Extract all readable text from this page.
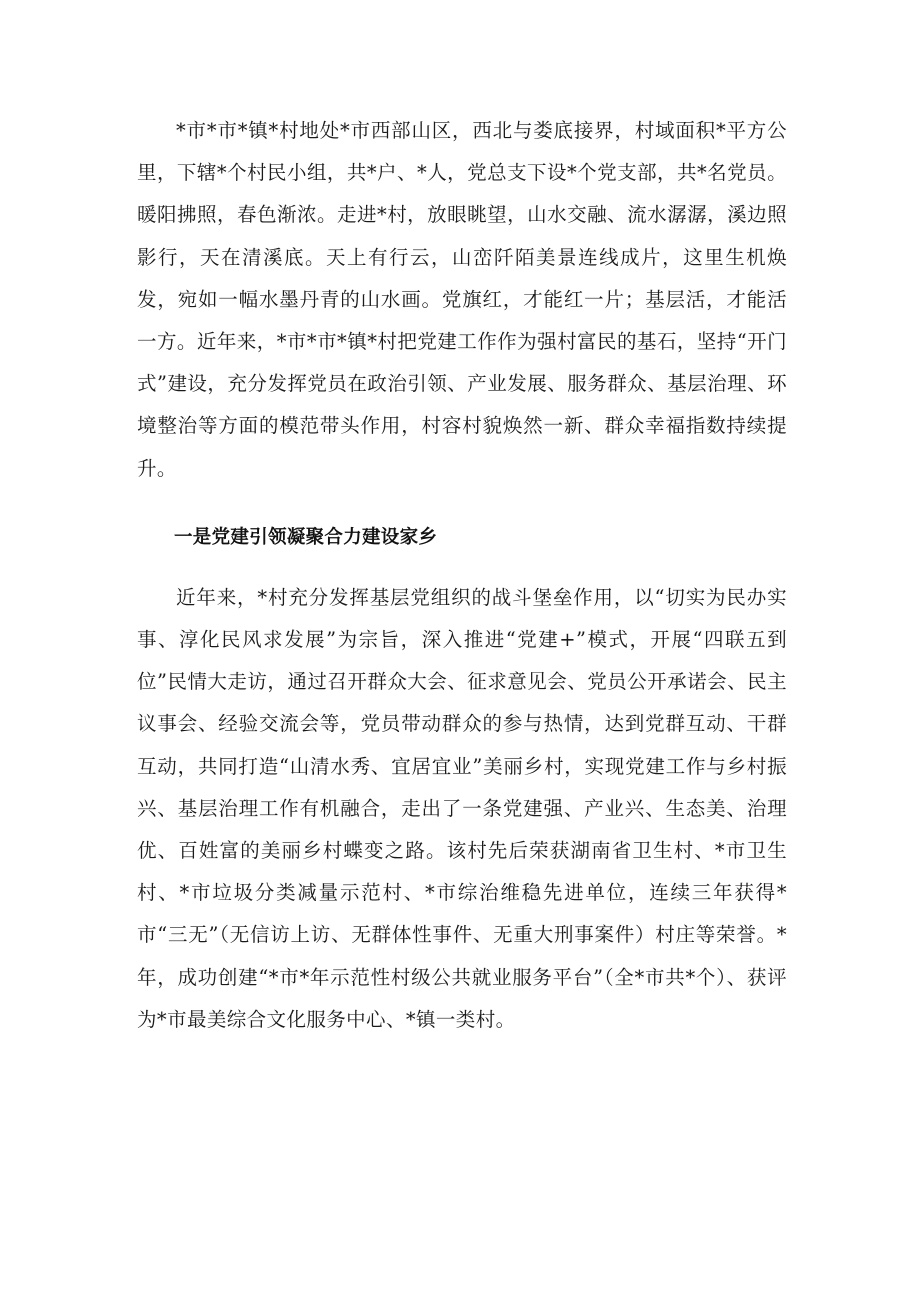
*市*市*镇*村地处*市西部山区，西北与娄底接界，村域面积*平方公里，下辖*个村民小组，共*户、*人，党总支下设*个党支部，共*名党员。暖阳拂照，春色渐浓。走进*村，放眼眺望，山水交融、流水潺潺，溪边照影行，天在清溪底。天上有行云，山峦阡陌美景连线成片，这里生机焕发，宛如一幅水墨丹青的山水画。党旗红，才能红一片；基层活，才能活一方。近年来，*市*市*镇*村把党建工作作为强村富民的基石，坚持“开门式”建设，充分发挥党员在政治引领、产业发展、服务群众、基层治理、环境整治等方面的模范带头作用，村容村貌焕然一新、群众幸福指数持续提升。

一是党建引领凝聚合力建设家乡

近年来，*村充分发挥基层党组织的战斗堡垒作用，以“切实为民办实事、淳化民风求发展”为宗旨，深入推进“党建+”模式，开展“四联五到位”民情大走访，通过召开群众大会、征求意见会、党员公开承诺会、民主议事会、经验交流会等，党员带动群众的参与热情，达到党群互动、干群互动，共同打造“山清水秀、宜居宜业”美丽乡村，实现党建工作与乡村振兴、基层治理工作有机融合，走出了一条党建强、产业兴、生态美、治理优、百姓富的美丽乡村蝶变之路。该村先后荣获湖南省卫生村、*市卫生村、*市垃圾分类减量示范村、*市综治维稳先进单位，连续三年获得*市“三无”（无信访上访、无群体性事件、无重大刑事案件）村庄等荣誉。*年，成功创建“*市*年示范性村级公共就业服务平台”（全*市共*个）、获评为*市最美综合文化服务中心、*镇一类村。
